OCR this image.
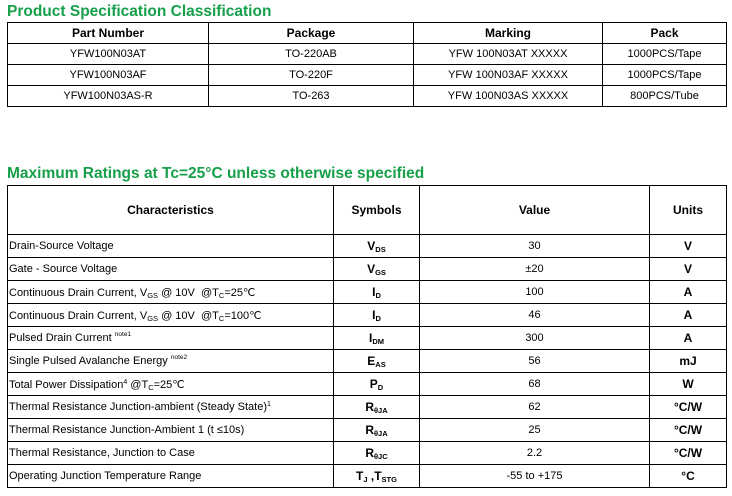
Product Specification Classification
Part Number	Package	Marking	Pack
YFW100N03AT	TO-220AB	YFW 100N03AT XXXXX	1000PCS/Tape
YFW100N03AF	TO-220F	YFW 100N03AF XXXXX	1000PCS/Tape
YFW100N03AS-R	TO-263	YFW 100N03AS XXXXX	800PCS/Tube
Maximum Ratings at Tc=25°C unless otherwise specified
Characteristics	Symbols	Value	Units
Drain-Source Voltage	$V_{DS}$	30	V
Gate - Source Voltage	$V_{GS}$	±20	V
Continuous Drain Current, $V_{GS}$ @ 10V  $@T_C=25℃$	$I_D$	100	A
Continuous Drain Current, $V_{GS}$ @ 10V  $@T_C=100℃$	$I_D$	46	A
Pulsed Drain Current $^{note1}$	$I_{DM}$	300	A
Single Pulsed Avalanche Energy $^{note2}$	$E_{AS}$	56	mJ
Total Power Dissipation$^4$ $@T_C=25℃$	$P_D$	68	W
Thermal Resistance Junction-ambient (Steady State)$^1$	$R_{\theta JA}$	62	°C/W
Thermal Resistance Junction-Ambient 1 (t ≤10s)	$R_{\theta JA}$	25	°C/W
Thermal Resistance, Junction to Case	$R_{\theta JC}$	2.2	°C/W
Operating Junction Temperature Range	$T_J$ $,T_{STG}$	-55 to +175	°C
